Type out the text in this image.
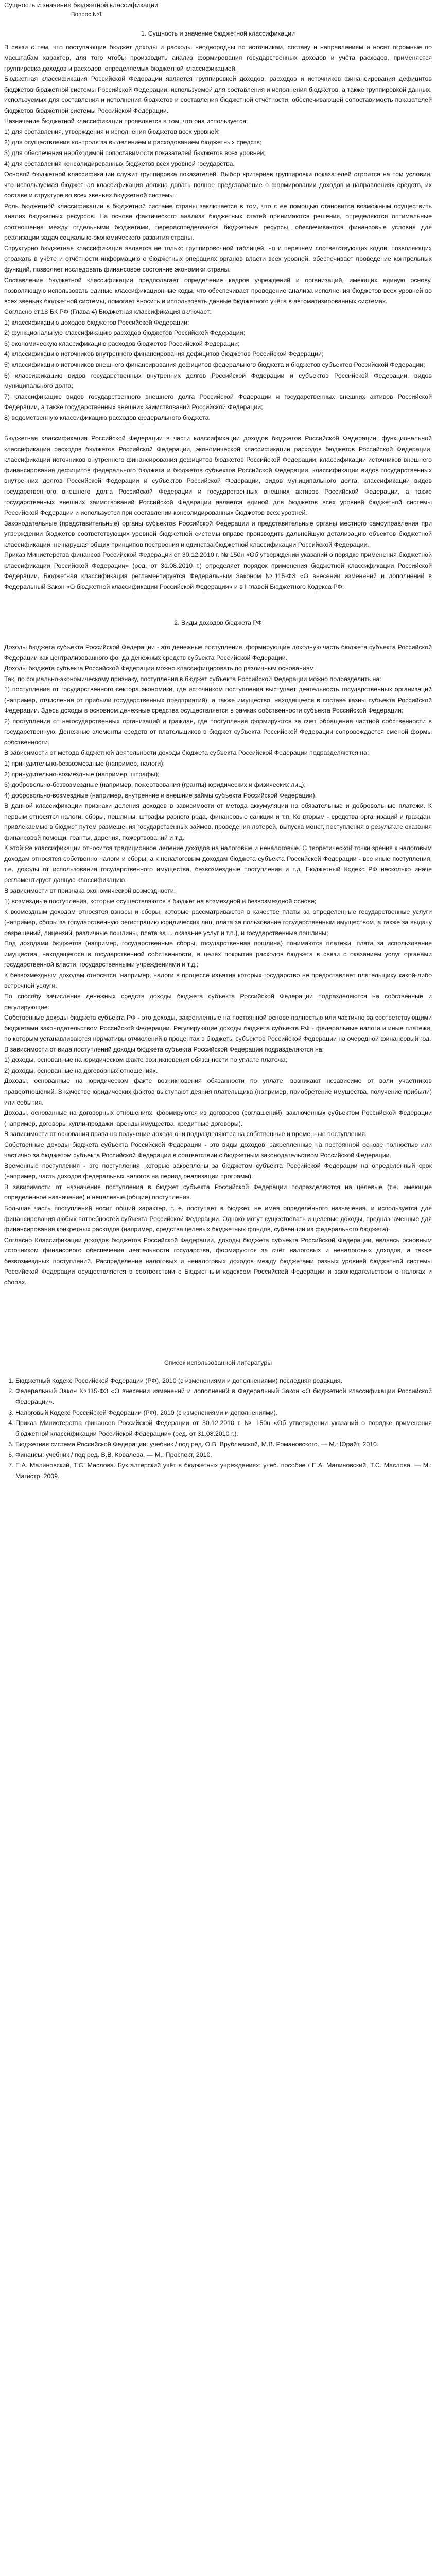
Сущность и значение бюджетной классификации
Вопрос №1

1. Сущность и значение бюджетной классификации

В связи с тем, что поступающие бюджет доходы и расходы неоднородны по источникам, составу и направлениям и носят огромные по масштабам характер, для того чтобы производить анализ формирования государственных доходов и учёта расходов, применяется группировка доходов и расходов, определяемых бюджетной классификацией.

Бюджетная классификация Российской Федерации является группировкой доходов, расходов и источников финансирования дефицитов бюджетов бюджетной системы Российской Федерации, используемой для составления и исполнения бюджетов, а также группировкой данных, используемых для составления и исполнения бюджетов и составления бюджетной отчётности, обеспечивающей сопоставимость показателей бюджетов бюджетной системы Российской Федерации.

Назначение бюджетной классификации проявляется в том, что она используется:

1) для составления, утверждения и исполнения бюджетов всех уровней;

2) для осуществления контроля за выделением и расходованием бюджетных средств;

3) для обеспечения необходимой сопоставимости показателей бюджетов всех уровней;

4) для составления консолидированных бюджетов всех уровней государства.

Основой бюджетной классификации служит группировка показателей. Выбор критериев группировки показателей строится на том условии, что используемая бюджетная классификация должна давать полное представление о формировании доходов и направлениях средств, их составе и структуре во всех звеньях бюджетной системы.

Роль бюджетной классификации в бюджетной системе страны заключается в том, что с ее помощью становится возможным осуществить анализ бюджетных ресурсов. На основе фактического анализа бюджетных статей принимаются решения, определяются оптимальные соотношения между отдельными бюджетами, перераспределяются бюджетные ресурсы, обеспечиваются финансовые условия для реализации задач социально-экономического развития страны.

Структурно бюджетная классификация является не только группировочной таблицей, но и перечнем соответствующих кодов, позволяющих отражать в учёте и отчётности информацию о бюджетных операциях органов власти всех уровней, обеспечивает проведение контрольных функций, позволяет исследовать финансовое состояние экономики страны.

Составление бюджетной классификации предполагает определение кадров учреждений и организаций, имеющих единую основу, позволяющую использовать единые классификационные коды, что обеспечивает проведение анализа исполнения бюджетов всех уровней во всех звеньях бюджетной системы, помогает вносить и использовать данные бюджетного учёта в автоматизированных системах.

Согласно ст.18 БК РФ (Глава 4) Бюджетная классификация включает:

1) классификацию доходов бюджетов Российской Федерации;

2) функциональную классификацию расходов бюджетов Российской Федерации;

3) экономическую классификацию расходов бюджетов Российской Федерации;

4) классификацию источников внутреннего финансирования дефицитов бюджетов Российской Федерации;

5) классификацию источников внешнего финансирования дефицитов федерального бюджета и бюджетов субъектов Российской Федерации;

6) классификацию видов государственных внутренних долгов Российской Федерации и субъектов Российской Федерации, видов муниципального долга;

7) классификацию видов государственного внешнего долга Российской Федерации и государственных внешних активов Российской Федерации, а также государственных внешних заимствований Российской Федерации;

8) ведомственную классификацию расходов федерального бюджета.

Бюджетная классификация Российской Федерации в части классификации доходов бюджетов Российской Федерации, функциональной классификации расходов бюджетов Российской Федерации, экономической классификации расходов бюджетов Российской Федерации, классификации источников внутреннего финансирования дефицитов бюджетов Российской Федерации, классификации источников внешнего финансирования дефицитов федерального бюджета и бюджетов субъектов Российской Федерации, классификации видов государственных внутренних долгов Российской Федерации и субъектов Российской Федерации, видов муниципального долга, классификации видов государственного внешнего долга Российской Федерации и государственных внешних активов Российской Федерации, а также государственных внешних заимствований Российской Федерации является единой для бюджетов всех уровней бюджетной системы Российской Федерации и используется при составлении консолидированных бюджетов всех уровней.

Законодательные (представительные) органы субъектов Российской Федерации и представительные органы местного самоуправления при утверждении бюджетов соответствующих уровней бюджетной системы вправе производить дальнейшую детализацию объектов бюджетной классификации, не нарушая общих принципов построения и единства бюджетной классификации Российской Федерации.

Приказ Министерства финансов Российской Федерации от 30.12.2010 г. № 150н «Об утверждении указаний о порядке применения бюджетной классификации Российской Федерации» (ред. от 31.08.2010 г.) определяет порядок применения бюджетной классификации Российской Федерации. Бюджетная классификация регламентируется Федеральным Законом №115-ФЗ «О внесении изменений и дополнений в Федеральный Закон «О бюджетной классификации Российской Федерации» и в I главой Бюджетного Кодекса РФ.

2. Виды доходов бюджета РФ

Доходы бюджета субъекта Российской Федерации - это денежные поступления, формирующие доходную часть бюджета субъекта Российской Федерации как централизованного фонда денежных средств субъекта Российской Федерации.

Доходы бюджета субъекта Российской Федерации можно классифицировать по различным основаниям.

Так, по социально-экономическому признаку, поступления в бюджет субъекта Российской Федерации можно подразделить на:

1) поступления от государственного сектора экономики, где источником поступления выступает деятельность государственных организаций (например, отчисления от прибыли государственных предприятий), а также имущество, находящееся в составе казны субъекта Российской Федерации. Здесь доходы в основном денежные средства осуществляется в рамках собственности субъекта Российской Федерации;

2) поступления от негосударственных организаций и граждан, где поступления формируются за счет обращения частной собственности в государственную. Денежные элементы средств от плательщиков в бюджет субъекта Российской Федерации сопровождается сменой формы собственности.

В зависимости от метода бюджетной деятельности доходы бюджета субъекта Российской Федерации подразделяются на:

1) принудительно-безвозмездные (например, налоги);

2) принудительно-возмездные (например, штрафы);

3) добровольно-безвозмездные (например, пожертвования (гранты) юридических и физических лиц);

4) добровольно-возмездные (например, внутренние и внешние займы субъекта Российской Федерации).

В данной классификации признаки деления доходов в зависимости от метода аккумуляции на обязательные и добровольные платежи. К первым относятся налоги, сборы, пошлины, штрафы разного рода, финансовые санкции и т.п. Ко вторым - средства организаций и граждан, привлекаемые в бюджет путем размещения государственных займов, проведения лотерей, выпуска монет, поступления в результате оказания финансовой помощи, гранты, дарения, пожертвований и т.д.

К этой же классификации относится традиционное деление доходов на налоговые и неналоговые. С теоретической точки зрения к налоговым доходам относятся собственно налоги и сборы, а к неналоговым доходам бюджета субъекта Российской Федерации - все иные поступления, т.е. доходы от использования государственного имущества, безвозмездные поступления и т.д. Бюджетный Кодекс РФ несколько иначе регламентирует данную классификацию.

В зависимости от признака экономической возмездности:

1) возмездные поступления, которые осуществляются в бюджет на возмездной и безвозмездной основе;

К возмездным доходам относятся взносы и сборы, которые рассматриваются в качестве платы за определенные государственные услуги (например, сборы за государственную регистрацию юридических лиц, плата за пользование государственным имуществом, а также за выдачу разрешений, лицензий, различные пошлины, плата за ... оказание услуг и т.п.), и государственные пошлины;

Под доходами бюджетов (например, государственные сборы, государственная пошлина) понимаются платежи, плата за использование имущества, находящегося в государственной собственности, в целях покрытия расходов бюджета в связи с оказанием услуг органами государственной власти, государственными учреждениями и т.д.;

К безвозмездным доходам относятся, например, налоги в процессе изъятия которых государство не предоставляет плательщику какой-либо встречной услуги.

По способу зачисления денежных средств доходы бюджета субъекта Российской Федерации подразделяются на собственные и регулирующие.

Собственные доходы бюджета субъекта РФ - это доходы, закрепленные на постоянной основе полностью или частично за соответствующими бюджетами законодательством Российской Федерации. Регулирующие доходы бюджета субъекта РФ - федеральные налоги и иные платежи, по которым устанавливаются нормативы отчислений в процентах в бюджеты субъектов Российской Федерации на очередной финансовый год.

В зависимости от вида поступлений доходы бюджета субъекта Российской Федерации подразделяются на:

1) доходы, основанные на юридическом факте возникновения обязанности по уплате платежа;

2) доходы, основанные на договорных отношениях.

Доходы, основанные на юридическом факте возникновения обязанности по уплате, возникают независимо от воли участников правоотношений. В качестве юридических фактов выступают деяния плательщика (например, приобретение имущества, получение прибыли) или события.

Доходы, основанные на договорных отношениях, формируются из договоров (соглашений), заключенных субъектом Российской Федерации (например, договоры купли-продажи, аренды имущества, кредитные договоры).

В зависимости от основания права на получение дохода они подразделяются на собственные и временные поступления.

Собственные доходы бюджета субъекта Российской Федерации - это виды доходов, закрепленные на постоянной основе полностью или частично за бюджетом субъекта Российской Федерации в соответствии с бюджетным законодательством Российской Федерации.

Временные поступления - это поступления, которые закреплены за бюджетом субъекта Российской Федерации на определенный срок (например, часть доходов федеральных налогов на период реализации программ).

В зависимости от назначения поступления в бюджет субъекта Российской Федерации подразделяются на целевые (т.е. имеющие определённое назначение) и нецелевые (общие) поступления.

Большая часть поступлений носит общий характер, т. е. поступает в бюджет, не имея определённого назначения, и используется для финансирования любых потребностей субъекта Российской Федерации. Однако могут существовать и целевые доходы, предназначенные для финансирования конкретных расходов (например, средства целевых бюджетных фондов, субвенции из федерального бюджета).

Согласно Классификации доходов бюджетов Российской Федерации, доходы бюджета субъекта Российской Федерации, являясь основным источником финансового обеспечения деятельности государства, формируются за счёт налоговых и неналоговых доходов, а также безвозмездных поступлений. Распределение налоговых и неналоговых доходов между бюджетами разных уровней бюджетной системы Российской Федерации осуществляется в соответствии с Бюджетным кодексом Российской Федерации и законодательством о налогах и сборах.

Список использованной литературы

1. Бюджетный Кодекс Российской Федерации (РФ), 2010 (с изменениями и дополнениями) последняя редакция.
2. Федеральный Закон №115-ФЗ «О внесении изменений и дополнений в Федеральный Закон «О бюджетной классификации Российской Федерации».
3. Налоговый Кодекс Российской Федерации (РФ), 2010 (с изменениями и дополнениями).
4. Приказ Министерства финансов Российской Федерации от 30.12.2010 г. № 150н «Об утверждении указаний о порядке применения бюджетной классификации Российской Федерации» (ред. от 31.08.2010 г.).
5. Бюджетная система Российской Федерации: учебник / под ред. О.В. Врублевской, М.В. Романовского. — М.: Юрайт, 2010.
6. Финансы: учебник / под ред. В.В. Ковалева. — М.: Проспект, 2010.
7. Е.А. Малиновский, Т.С. Маслова. Бухгалтерский учёт в бюджетных учреждениях: учеб. пособие / Е.А. Малиновский, Т.С. Маслова. — М.: Магистр, 2009.
